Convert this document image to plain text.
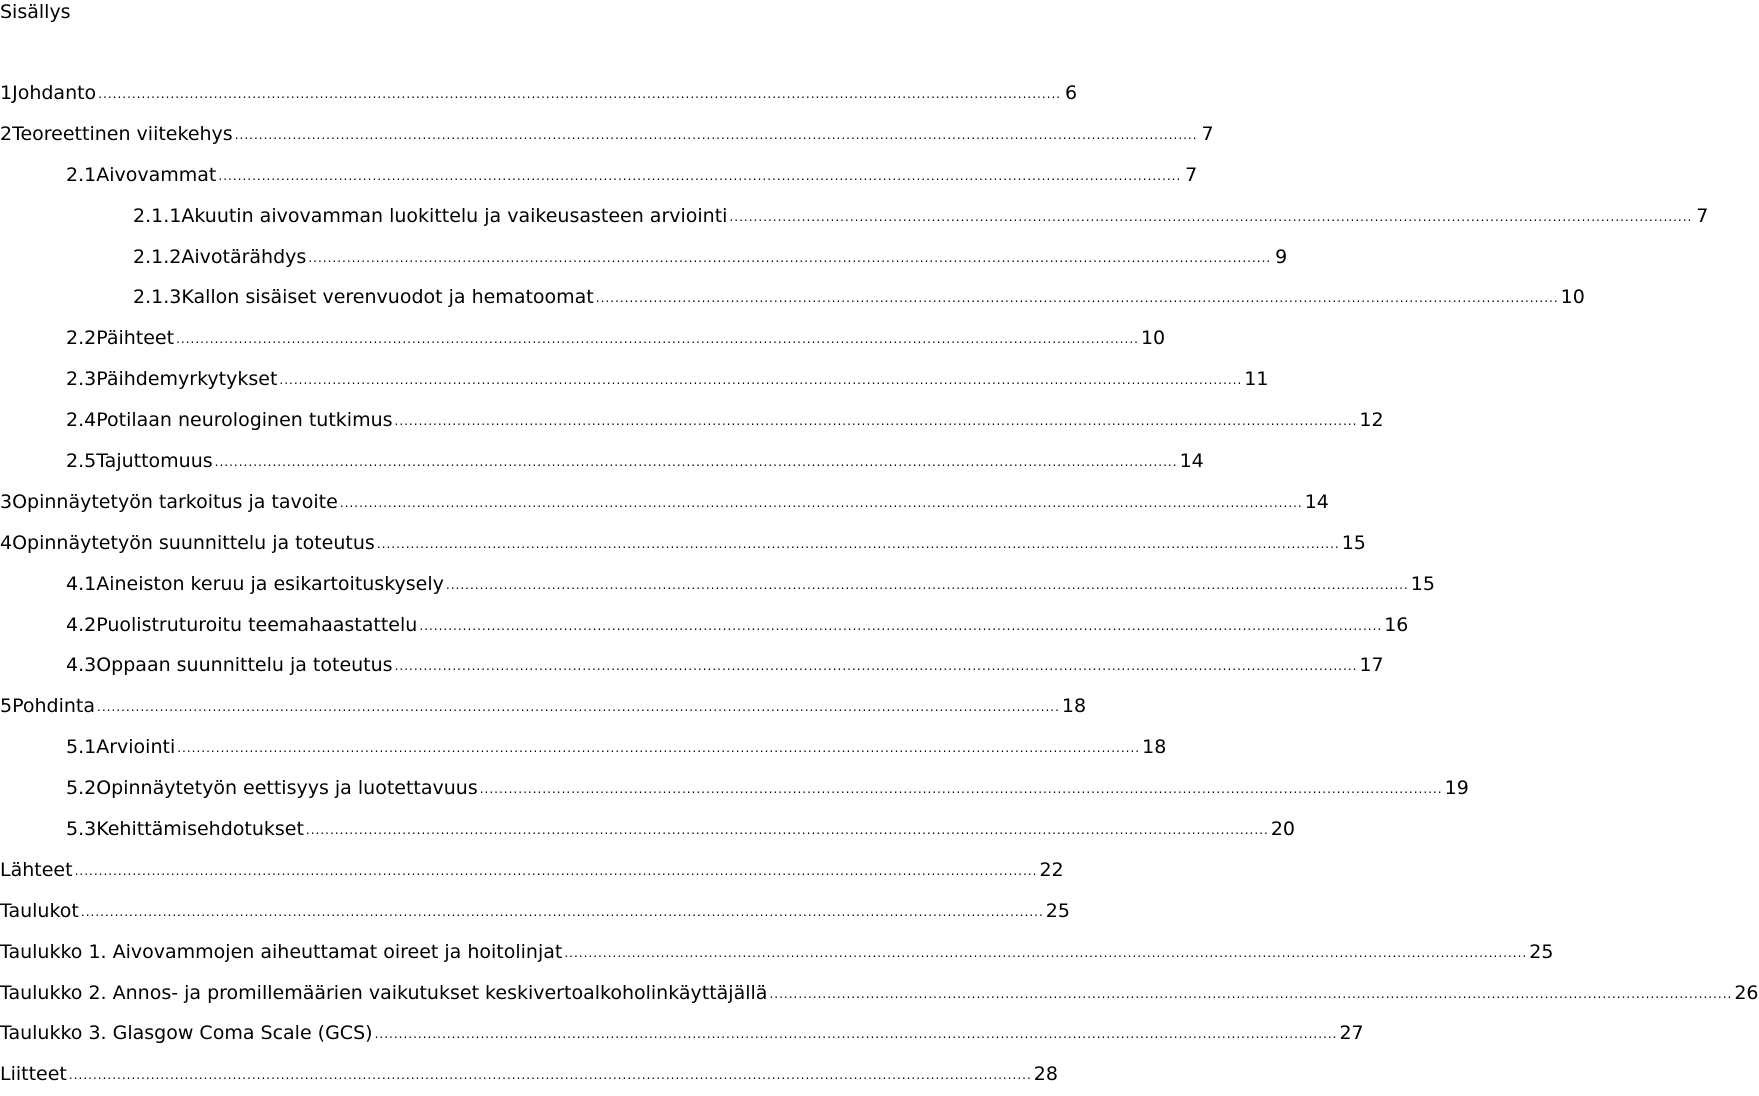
Sisällys
1 Johdanto ........................................................................................................................................................................................................ 6
2 Teoreettinen viitekehys ........................................................................................................................................................................................................ 7
2.1 Aivovammat ........................................................................................................................................................................................................ 7
2.1.1 Akuutin aivovamman luokittelu ja vaikeusasteen arviointi ........................................................................................................................................................................................................ 7
2.1.2 Aivotärähdys ........................................................................................................................................................................................................ 9
2.1.3 Kallon sisäiset verenvuodot ja hematoomat ........................................................................................................................................................................................................ 10
2.2 Päihteet ........................................................................................................................................................................................................ 10
2.3 Päihdemyrkytykset ........................................................................................................................................................................................................ 11
2.4 Potilaan neurologinen tutkimus ........................................................................................................................................................................................................ 12
2.5 Tajuttomuus ........................................................................................................................................................................................................ 14
3 Opinnäytetyön tarkoitus ja tavoite ........................................................................................................................................................................................................ 14
4 Opinnäytetyön suunnittelu ja toteutus ........................................................................................................................................................................................................ 15
4.1 Aineiston keruu ja esikartoituskysely ........................................................................................................................................................................................................ 15
4.2 Puolistruturoitu teemahaastattelu ........................................................................................................................................................................................................ 16
4.3 Oppaan suunnittelu ja toteutus ........................................................................................................................................................................................................ 17
5 Pohdinta ........................................................................................................................................................................................................ 18
5.1 Arviointi ........................................................................................................................................................................................................ 18
5.2 Opinnäytetyön eettisyys ja luotettavuus ........................................................................................................................................................................................................ 19
5.3 Kehittämisehdotukset ........................................................................................................................................................................................................ 20
Lähteet ........................................................................................................................................................................................................ 22
Taulukot ........................................................................................................................................................................................................ 25
Taulukko 1. Aivovammojen aiheuttamat oireet ja hoitolinjat ........................................................................................................................................................................................................ 25
Taulukko 2. Annos- ja promillemäärien vaikutukset keskivertoalkoholinkäyttäjällä ........................................................................................................................................................................................................ 26
Taulukko 3. Glasgow Coma Scale (GCS) ........................................................................................................................................................................................................ 27
Liitteet ........................................................................................................................................................................................................ 28
